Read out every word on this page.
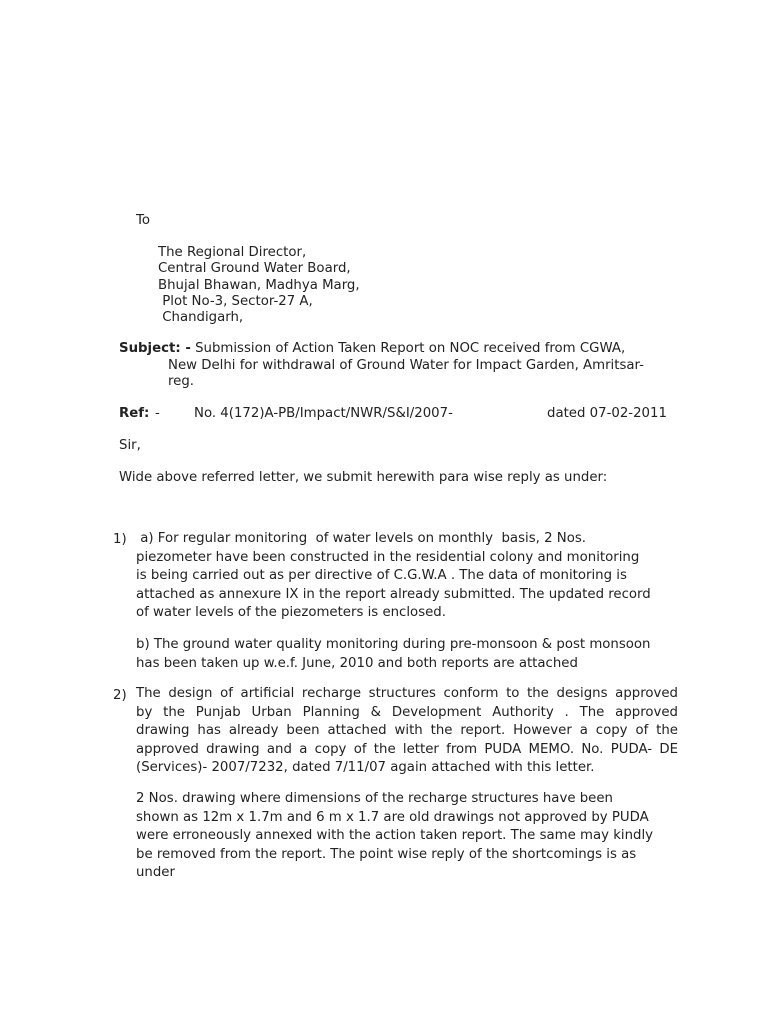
To
The Regional Director,
Central Ground Water Board,
Bhujal Bhawan, Madhya Marg,
Plot No-3, Sector-27 A,
Chandigarh,
Subject: - Submission of Action Taken Report on NOC received from CGWA,
New Delhi for withdrawal of Ground Water for Impact Garden, Amritsar-
reg.
Ref: -	No. 4(172)A-PB/Impact/NWR/S&I/2007-	dated 07-02-2011
Sir,
Wide above referred letter, we submit herewith para wise reply as under:
1) a) For regular monitoring  of water levels on monthly  basis, 2 Nos.
piezometer have been constructed in the residential colony and monitoring
is being carried out as per directive of C.G.W.A . The data of monitoring is
attached as annexure IX in the report already submitted. The updated record
of water levels of the piezometers is enclosed.
b) The ground water quality monitoring during pre-monsoon & post monsoon
has been taken up w.e.f. June, 2010 and both reports are attached
2) The design of artificial recharge structures conform to the designs approved
by the Punjab Urban Planning & Development Authority . The approved
drawing has already been attached with the report. However a copy of the
approved drawing and a copy of the letter from PUDA MEMO. No. PUDA- DE
(Services)- 2007/7232, dated 7/11/07 again attached with this letter.
2 Nos. drawing where dimensions of the recharge structures have been
shown as 12m x 1.7m and 6 m x 1.7 are old drawings not approved by PUDA
were erroneously annexed with the action taken report. The same may kindly
be removed from the report. The point wise reply of the shortcomings is as
under
